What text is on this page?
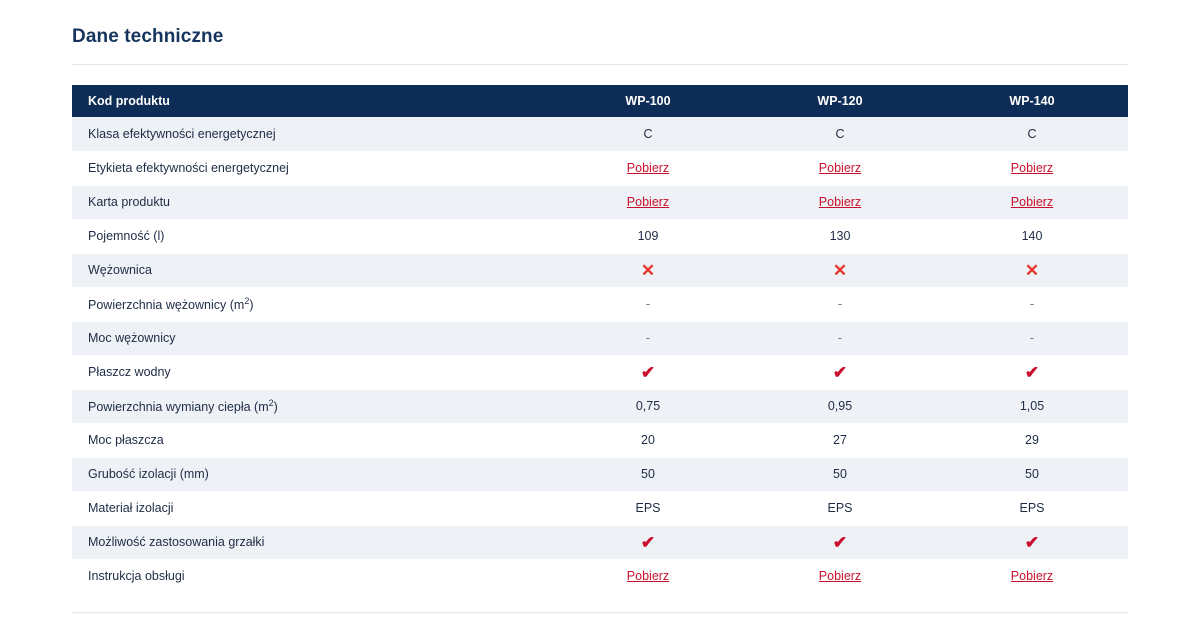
Dane techniczne
Kod produktu	WP-100	WP-120	WP-140
Klasa efektywności energetycznej	C	C	C
Etykieta efektywności energetycznej	Pobierz	Pobierz	Pobierz
Karta produktu	Pobierz	Pobierz	Pobierz
Pojemność (l)	109	130	140
Wężownica	✕	✕	✕
Powierzchnia wężownicy $(m^2)$	-	-	-
Moc wężownicy	-	-	-
Płaszcz wodny	✔	✔	✔
Powierzchnia wymiany ciepła $(m^2)$	0,75	0,95	1,05
Moc płaszcza	20	27	29
Grubość izolacji (mm)	50	50	50
Materiał izolacji	EPS	EPS	EPS
Możliwość zastosowania grzałki	✔	✔	✔
Instrukcja obsługi	Pobierz	Pobierz	Pobierz
